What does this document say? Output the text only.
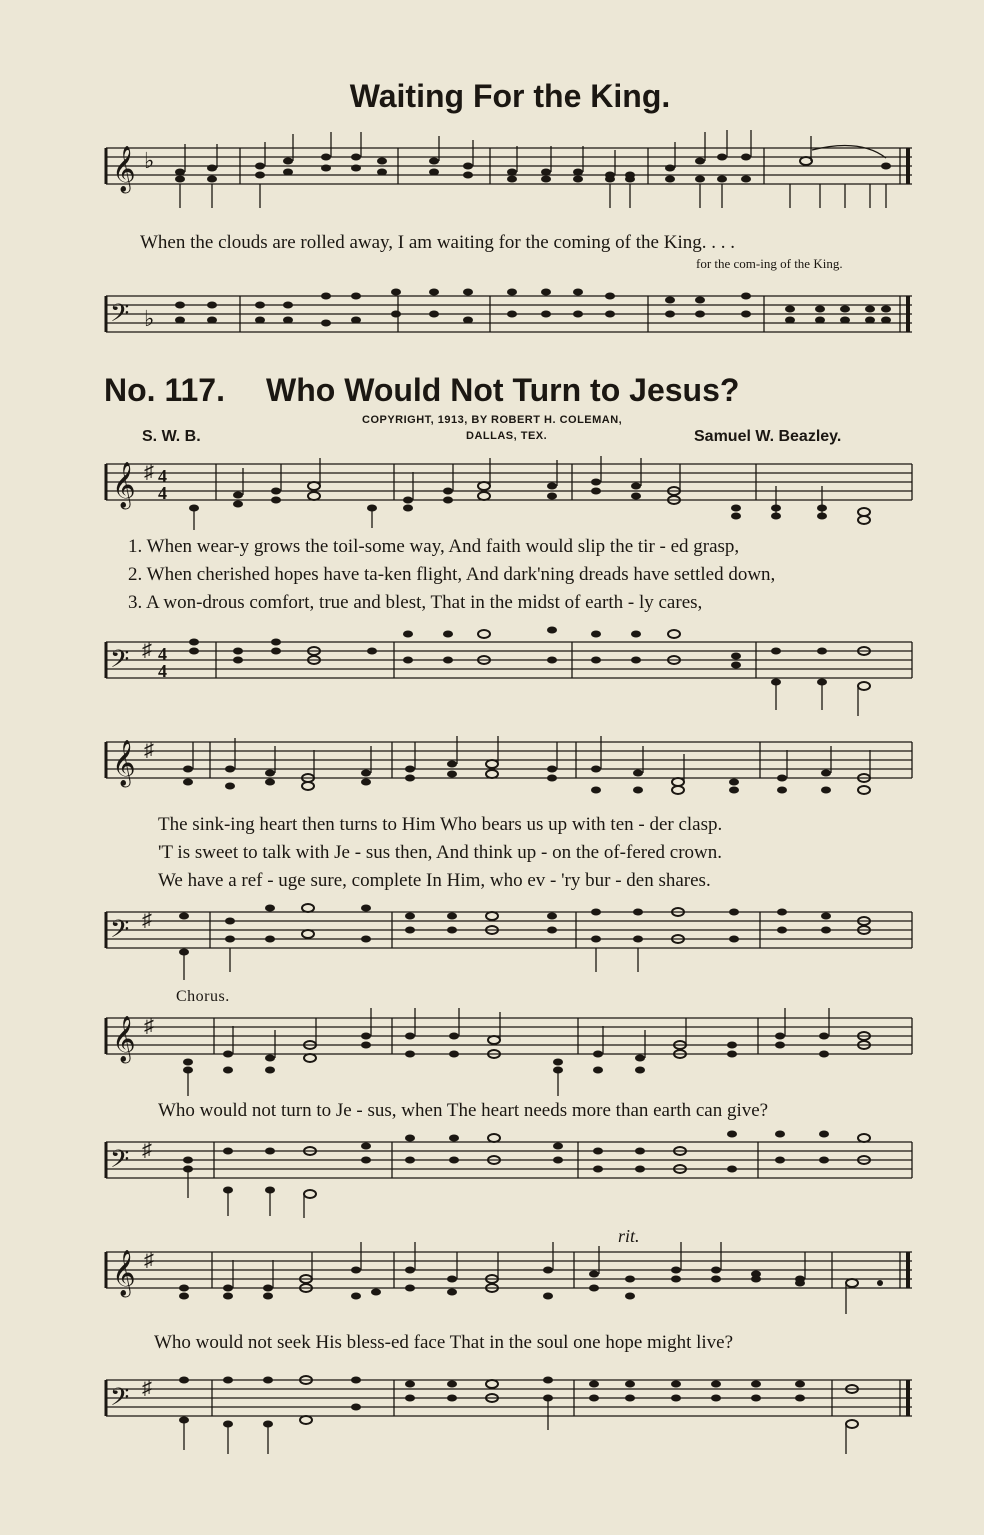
Waiting For the King.
𝄞 ♭
When the clouds are rolled away, I am waiting for the coming of the King. . . .
for the com-ing of the King.
𝄢 ♭
No. 117. Who Would Not Turn to Jesus?
COPYRIGHT, 1913, BY ROBERT H. COLEMAN,
DALLAS, TEX.
S. W. B.	Samuel W. Beazley.
𝄞 ♯ 4
4
1. When wear-y grows the toil-some way, And faith would slip the tir - ed grasp,
2. When cherished hopes have ta-ken flight, And dark'ning dreads have settled down,
3. A won-drous comfort, true and blest, That in the midst of earth - ly cares,
𝄢 ♯ 4
4
𝄞 ♯
The sink-ing heart then turns to Him Who bears us up with ten - der clasp.
'T is sweet to talk with Je - sus then, And think up - on the of-fered crown.
We have a ref - uge sure, complete In Him, who ev - 'ry bur - den shares.
𝄢 ♯
Chorus.
𝄞 ♯
Who would not turn to Je - sus, when The heart needs more than earth can give?
𝄢 ♯
rit.
𝄞 ♯
Who would not seek His bless-ed face That in the soul one hope might live?
𝄢 ♯
